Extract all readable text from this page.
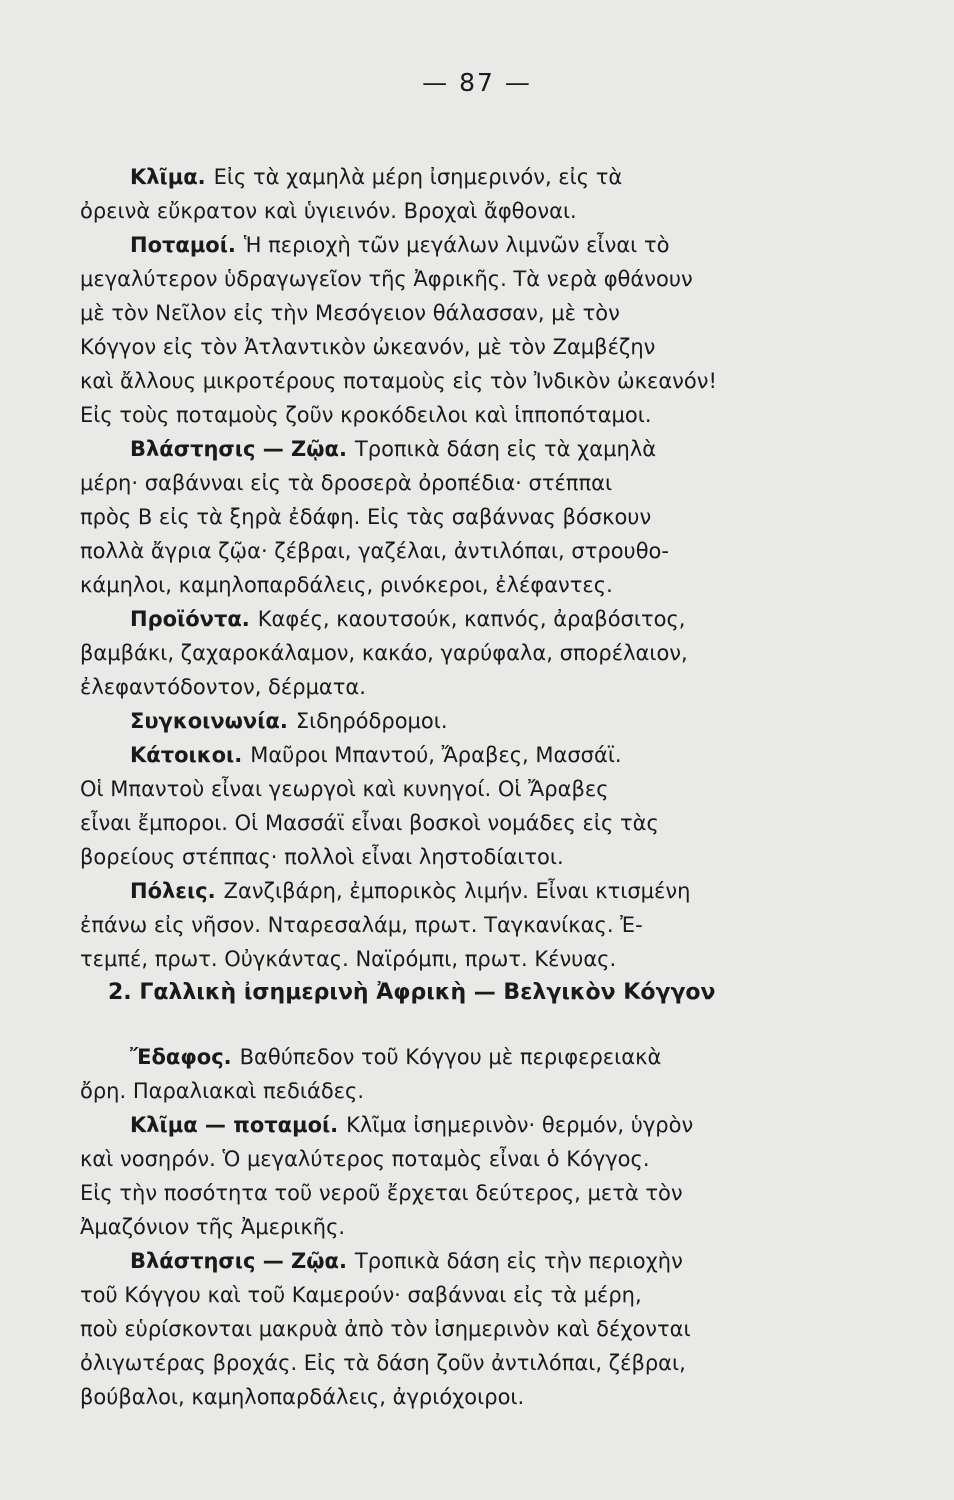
— 87 —
Κλῖμα. Εἰς τὰ χαμηλὰ μέρη ἰσημερινόν, εἰς τὰ
ὀρεινὰ εὔκρατον καὶ ὑγιεινόν. Βροχαὶ ἄφθοναι.
Ποταμοί. Ἡ περιοχὴ τῶν μεγάλων λιμνῶν εἶναι τὸ
μεγαλύτερον ὑδραγωγεῖον τῆς Ἀφρικῆς. Τὰ νερὰ φθάνουν
μὲ τὸν Νεῖλον εἰς τὴν Μεσόγειον θάλασσαν, μὲ τὸν
Κόγγον εἰς τὸν Ἀτλαντικὸν ὠκεανόν, μὲ τὸν Ζαμβέζην
καὶ ἄλλους μικροτέρους ποταμοὺς εἰς τὸν Ἰνδικὸν ὠκεανόν!
Εἰς τοὺς ποταμοὺς ζοῦν κροκόδειλοι καὶ ἱπποπόταμοι.
Βλάστησις — Ζῷα. Τροπικὰ δάση εἰς τὰ χαμηλὰ
μέρη· σαβάνναι εἰς τὰ δροσερὰ ὀροπέδια· στέππαι
πρὸς Β εἰς τὰ ξηρὰ ἐδάφη. Εἰς τὰς σαβάννας βόσκουν
πολλὰ ἄγρια ζῷα· ζέβραι, γαζέλαι, ἀντιλόπαι, στρουθο-
κάμηλοι, καμηλοπαρδάλεις, ρινόκεροι, ἐλέφαντες.
Προϊόντα. Καφές, καουτσούκ, καπνός, ἀραβόσιτος,
βαμβάκι, ζαχαροκάλαμον, κακάο, γαρύφαλα, σπορέλαιον,
ἐλεφαντόδοντον, δέρματα.
Συγκοινωνία. Σιδηρόδρομοι.
Κάτοικοι. Μαῦροι Μπαντού, Ἄραβες, Μασσάϊ.
Οἱ Μπαντοὺ εἶναι γεωργοὶ καὶ κυνηγοί. Οἱ Ἄραβες
εἶναι ἔμποροι. Οἱ Μασσάϊ εἶναι βοσκοὶ νομάδες εἰς τὰς
βορείους στέππας· πολλοὶ εἶναι ληστοδίαιτοι.
Πόλεις. Ζανζιβάρη, ἐμπορικὸς λιμήν. Εἶναι κτισμένη
ἐπάνω εἰς νῆσον. Νταρεσαλάμ, πρωτ. Ταγκανίκας. Ἐ-
τεμπέ, πρωτ. Οὐγκάντας. Ναϊρόμπι, πρωτ. Κένυας.
2. Γαλλικὴ ἰσημερινὴ Ἀφρικὴ — Βελγικὸν Κόγγον
Ἔδαφος. Βαθύπεδον τοῦ Κόγγου μὲ περιφερειακὰ
ὄρη. Παραλιακαὶ πεδιάδες.
Κλῖμα — ποταμοί. Κλῖμα ἰσημερινὸν· θερμόν, ὑγρὸν
καὶ νοσηρόν. Ὁ μεγαλύτερος ποταμὸς εἶναι ὁ Κόγγος.
Εἰς τὴν ποσότητα τοῦ νεροῦ ἔρχεται δεύτερος, μετὰ τὸν
Ἀμαζόνιον τῆς Ἀμερικῆς.
Βλάστησις — Ζῷα. Τροπικὰ δάση εἰς τὴν περιοχὴν
τοῦ Κόγγου καὶ τοῦ Καμερούν· σαβάνναι εἰς τὰ μέρη,
ποὺ εὑρίσκονται μακρυὰ ἀπὸ τὸν ἰσημερινὸν καὶ δέχονται
ὀλιγωτέρας βροχάς. Εἰς τὰ δάση ζοῦν ἀντιλόπαι, ζέβραι,
βούβαλοι, καμηλοπαρδάλεις, ἀγριόχοιροι.
